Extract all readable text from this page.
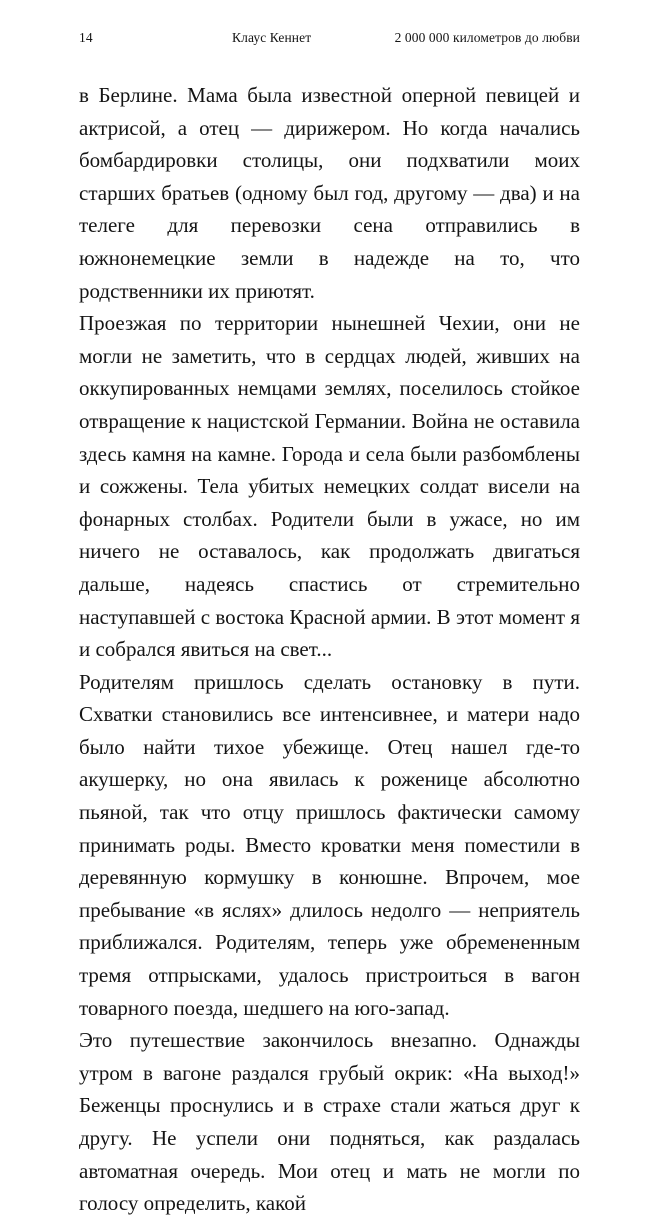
14	Клаус Кеннет	2 000 000 километров до любви

в Берлине. Мама была известной оперной певицей и актрисой, а отец — дирижером. Но когда начались бомбардировки столицы, они подхватили моих старших братьев (одному был год, другому — два) и на телеге для перевозки сена отправились в южнонемецкие земли в надежде на то, что родственники их приютят.

Проезжая по территории нынешней Чехии, они не могли не заметить, что в сердцах людей, живших на оккупированных немцами землях, поселилось стойкое отвращение к нацистской Германии. Война не оставила здесь камня на камне. Города и села были разбомблены и сожжены. Тела убитых немецких солдат висели на фонарных столбах. Родители были в ужасе, но им ничего не оставалось, как продолжать двигаться дальше, надеясь спастись от стремительно наступавшей с востока Красной армии. В этот момент я и собрался явиться на свет...

Родителям пришлось сделать остановку в пути. Схватки становились все интенсивнее, и матери надо было найти тихое убежище. Отец нашел где-то акушерку, но она явилась к роженице абсолютно пьяной, так что отцу пришлось фактически самому принимать роды. Вместо кроватки меня поместили в деревянную кормушку в конюшне. Впрочем, мое пребывание «в яслях» длилось недолго — неприятель приближался. Родителям, теперь уже обремененным тремя отпрысками, удалось пристроиться в вагон товарного поезда, шедшего на юго-запад.

Это путешествие закончилось внезапно. Однажды утром в вагоне раздался грубый окрик: «На выход!» Беженцы проснулись и в страхе стали жаться друг к другу. Не успели они подняться, как раздалась автоматная очередь. Мои отец и мать не могли по голосу определить, какой
